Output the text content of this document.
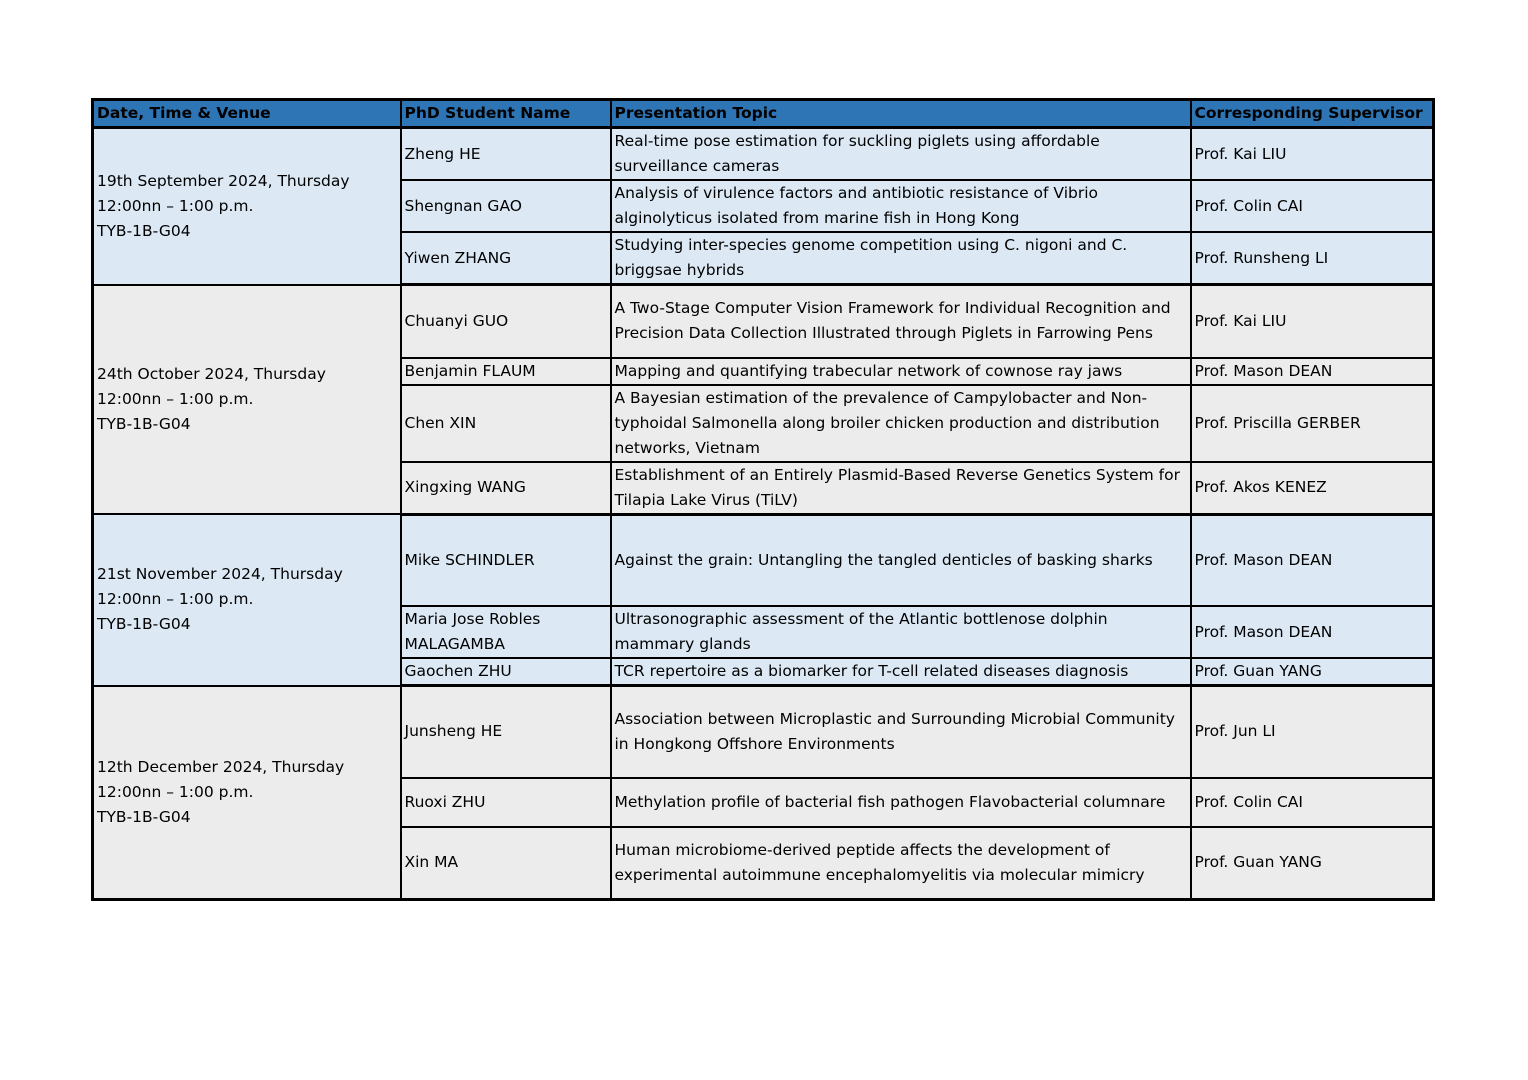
Date, Time & Venue	PhD Student Name	Presentation Topic	Corresponding Supervisor

19th September 2024, Thursday
12:00nn – 1:00 p.m.
TYB-1B-G04	Zheng HE	Real-time pose estimation for suckling piglets using affordable surveillance cameras	Prof. Kai LIU
	Shengnan GAO	Analysis of virulence factors and antibiotic resistance of Vibrio alginolyticus isolated from marine fish in Hong Kong	Prof. Colin CAI
	Yiwen ZHANG	Studying inter-species genome competition using C. nigoni and C. briggsae hybrids	Prof. Runsheng LI

24th October 2024, Thursday
12:00nn – 1:00 p.m.
TYB-1B-G04	Chuanyi GUO	A Two-Stage Computer Vision Framework for Individual Recognition and Precision Data Collection Illustrated through Piglets in Farrowing Pens	Prof. Kai LIU
	Benjamin FLAUM	Mapping and quantifying trabecular network of cownose ray jaws	Prof. Mason DEAN
	Chen XIN	A Bayesian estimation of the prevalence of Campylobacter and Non-typhoidal Salmonella along broiler chicken production and distribution networks, Vietnam	Prof. Priscilla GERBER
	Xingxing WANG	Establishment of an Entirely Plasmid-Based Reverse Genetics System for Tilapia Lake Virus (TiLV)	Prof. Akos KENEZ

21st November 2024, Thursday
12:00nn – 1:00 p.m.
TYB-1B-G04	Mike SCHINDLER	Against the grain: Untangling the tangled denticles of basking sharks	Prof. Mason DEAN
	Maria Jose Robles MALAGAMBA	Ultrasonographic assessment of the Atlantic bottlenose dolphin mammary glands	Prof. Mason DEAN
	Gaochen ZHU	TCR repertoire as a biomarker for T-cell related diseases diagnosis	Prof. Guan YANG

12th December 2024, Thursday
12:00nn – 1:00 p.m.
TYB-1B-G04	Junsheng HE	Association between Microplastic and Surrounding Microbial Community in Hongkong Offshore Environments	Prof. Jun LI
	Ruoxi ZHU	Methylation profile of bacterial fish pathogen Flavobacterial columnare	Prof. Colin CAI
	Xin MA	Human microbiome-derived peptide affects the development of experimental autoimmune encephalomyelitis via molecular mimicry	Prof. Guan YANG
